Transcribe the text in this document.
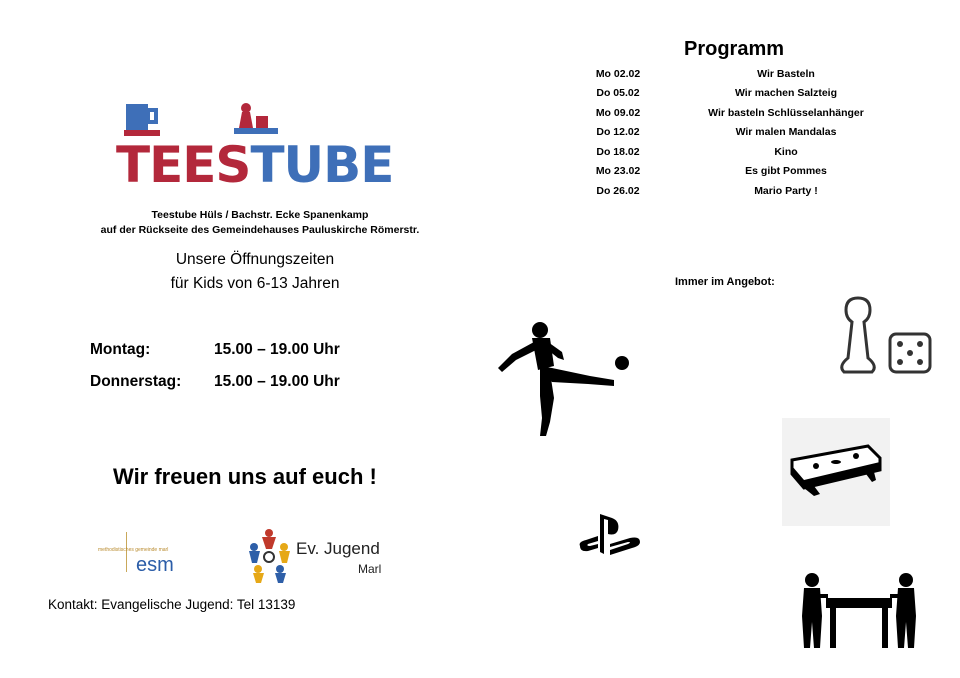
TEESTUBE
Teestube Hüls / Bachstr. Ecke Spanenkamp
auf der Rückseite des Gemeindehauses Pauluskirche Römerstr.
Unsere Öffnungszeiten
für Kids von 6-13 Jahren
Montag:	15.00 – 19.00 Uhr
Donnerstag: 15.00 – 19.00 Uhr
Wir freuen uns auf euch !
methodistisches gemeinde marl
esm
Ev. Jugend
Marl
Kontakt: Evangelische Jugend: Tel 13139
Programm
Mo 02.02	Wir Basteln
Do 05.02	Wir machen Salzteig
Mo 09.02	Wir basteln Schlüsselanhänger
Do 12.02	Wir malen Mandalas
Do 18.02	Kino
Mo 23.02	Es gibt Pommes
Do 26.02	Mario Party !
Immer im Angebot:
